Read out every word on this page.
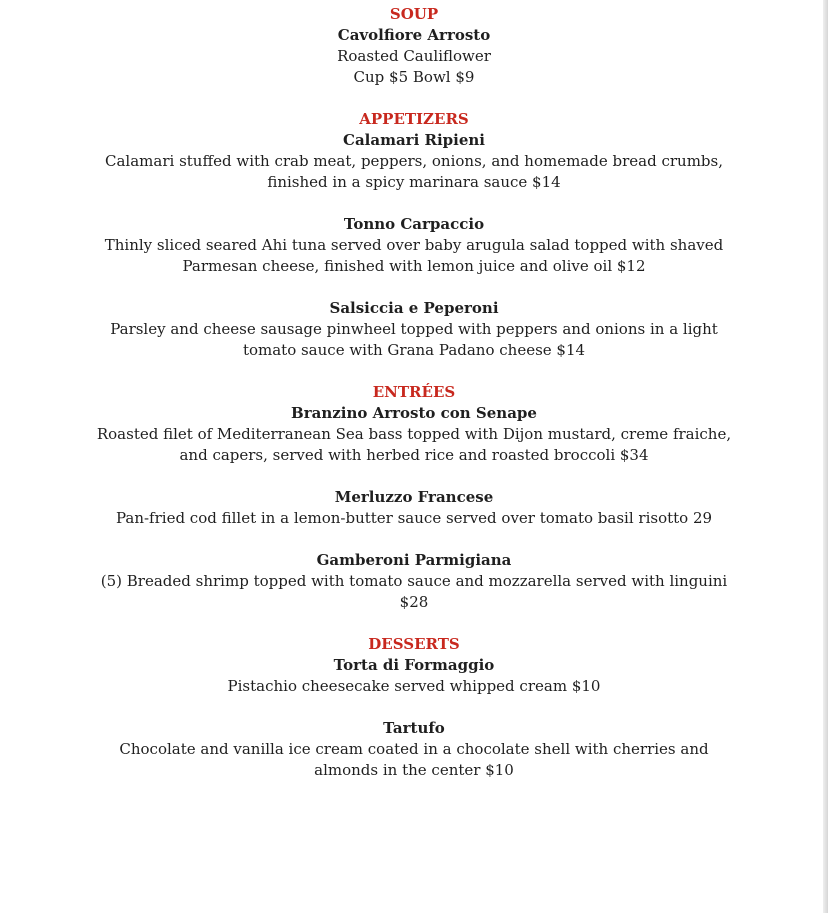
SOUP
Cavolfiore Arrosto
Roasted Cauliflower
Cup $5 Bowl $9
APPETIZERS
Calamari Ripieni
Calamari stuffed with crab meat, peppers, onions, and homemade bread crumbs,
finished in a spicy marinara sauce $14
Tonno Carpaccio
Thinly sliced seared Ahi tuna served over baby arugula salad topped with shaved
Parmesan cheese, finished with lemon juice and olive oil $12
Salsiccia e Peperoni
Parsley and cheese sausage pinwheel topped with peppers and onions in a light
tomato sauce with Grana Padano cheese $14
ENTRÉES
Branzino Arrosto con Senape
Roasted filet of Mediterranean Sea bass topped with Dijon mustard, creme fraiche,
and capers, served with herbed rice and roasted broccoli $34
Merluzzo Francese
Pan-fried cod fillet in a lemon-butter sauce served over tomato basil risotto 29
Gamberoni Parmigiana
(5) Breaded shrimp topped with tomato sauce and mozzarella served with linguini
$28
DESSERTS
Torta di Formaggio
Pistachio cheesecake served whipped cream $10
Tartufo
Chocolate and vanilla ice cream coated in a chocolate shell with cherries and
almonds in the center $10
